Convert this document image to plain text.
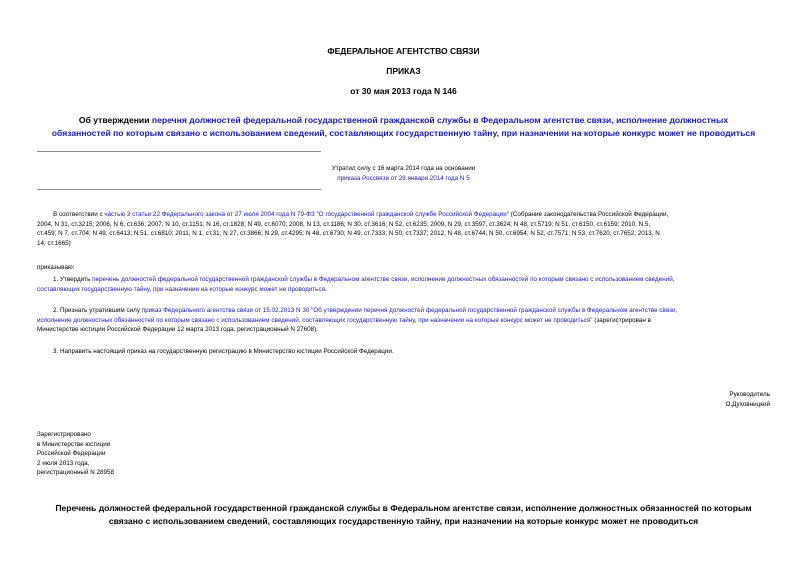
ФЕДЕРАЛЬНОЕ АГЕНТСТВО СВЯЗИ
ПРИКАЗ
от 30 мая 2013 года N 146

Об утверждении перечня должностей федеральной государственной гражданской службы в Федеральном агентстве связи, исполнение должностных

обязанностей по которым связано с использованием сведений, составляющих государственную тайну, при назначении на которые конкурс может не проводиться

Утратил силу с 16 марта 2014 года на основании

приказа Россвязи от 28 января 2014 года N 5

В соответствии с частью 3 статьи 22 Федерального закона от 27 июля 2004 года N 79-ФЗ "О государственной гражданской службе Российской Федерации" (Собрание законодательства Российской Федерации,

2004, N 31, ст.3215; 2006, N 6, ст.636; 2007, N 10, ст.1151; N 16, ст.1828; N 49, ст.6070; 2008, N 13, ст.1186; N 30, ст.3616; N 52, ст.6235; 2009, N 29, ст.3597, ст.3624; N 48, ст.5719; N 51, ст.6150, ст.6159; 2010, N 5,

ст.459; N 7, ст.704; N 49, ст.6413; N 51, ст.6810; 2011, N 1, ст.31; N 27, ст.3866; N 29, ст.4295; N 48, ст.6730; N 49, ст.7333; N 50, ст.7337; 2012, N 48, ст.6744; N 50, ст.6954; N 52, ст.7571; N 53, ст.7620, ст.7652; 2013, N

14, ст.1665)

приказываю:

1. Утвердить перечень должностей федеральной государственной гражданской службы в Федеральном агентстве связи, исполнение должностных обязанностей по которым связано с использованием сведений,

составляющих государственную тайну, при назначении на которые конкурс может не проводиться.

2. Признать утратившим силу приказ Федерального агентства связи от 15.02.2013 N 30 "Об утверждении перечня должностей федеральной государственной гражданской службы в Федеральном агентстве связи,

исполнение должностных обязанностей по которым связано с использованием сведений, составляющих государственную тайну, при назначении на которые конкурс может не проводиться" (зарегистрирован в

Министерстве юстиции Российской Федерации 12 марта 2013 года, регистрационный N 27608).

3. Направить настоящий приказ на государственную регистрацию в Министерство юстиции Российской Федерации.

Руководитель

О.Духовницкий

Зарегистрировано

в Министерстве юстиции

Российской Федерации

2 июля 2013 года,

регистрационный N 28958

Перечень должностей федеральной государственной гражданской службы в Федеральном агентстве связи, исполнение должностных обязанностей по которым

связано с использованием сведений, составляющих государственную тайну, при назначении на которые конкурс может не проводиться
